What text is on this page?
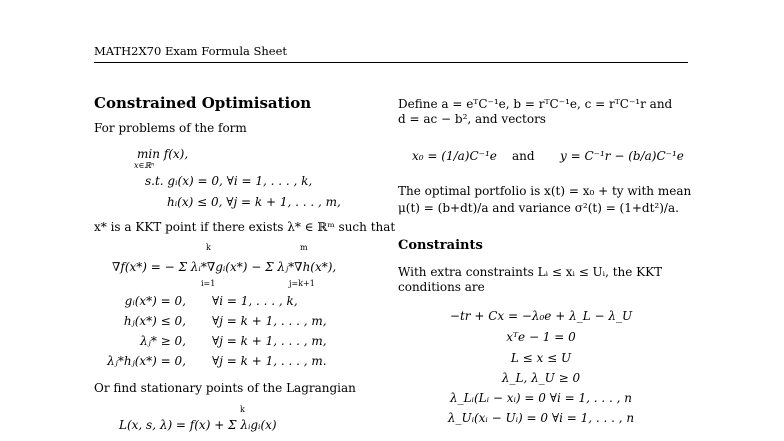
MATH2X70 Exam Formula Sheet
Constrained Optimisation
For problems of the form
min f(x),
x∈ℝⁿ
s.t. gᵢ(x) = 0, ∀i = 1, . . . , k,
hᵢ(x) ≤ 0, ∀j = k + 1, . . . , m,
x* is a KKT point if there exists λ* ∈ ℝᵐ such that
k	m
∇f(x*) = − Σ λᵢ*∇gᵢ(x*) − Σ λⱼ*∇h(x*),
i=1	j=k+1
gᵢ(x*) = 0, ∀i = 1, . . . , k,
hⱼ(x*) ≤ 0, ∀j = k + 1, . . . , m,
λⱼ* ≥ 0, ∀j = k + 1, . . . , m,
λⱼ*hⱼ(x*) = 0, ∀j = k + 1, . . . , m.
Or find stationary points of the Lagrangian
k
L(x, s, λ) = f(x) + Σ λᵢgᵢ(x)
Define a = eᵀC⁻¹e, b = rᵀC⁻¹e, c = rᵀC⁻¹r and
d = ac − b², and vectors
x₀ = (1/a)C⁻¹e and y = C⁻¹r − (b/a)C⁻¹e
The optimal portfolio is x(t) = x₀ + ty with mean
μ(t) = (b+dt)/a and variance σ²(t) = (1+dt²)/a.
Constraints
With extra constraints Lᵢ ≤ xᵢ ≤ Uᵢ, the KKT
conditions are
−tr + Cx = −λ₀e + λ_L − λ_U
xᵀe − 1 = 0
L ≤ x ≤ U
λ_L, λ_U ≥ 0
λ_Lᵢ(Lᵢ − xᵢ) = 0 ∀i = 1, . . . , n
λ_Uᵢ(xᵢ − Uᵢ) = 0 ∀i = 1, . . . , n
